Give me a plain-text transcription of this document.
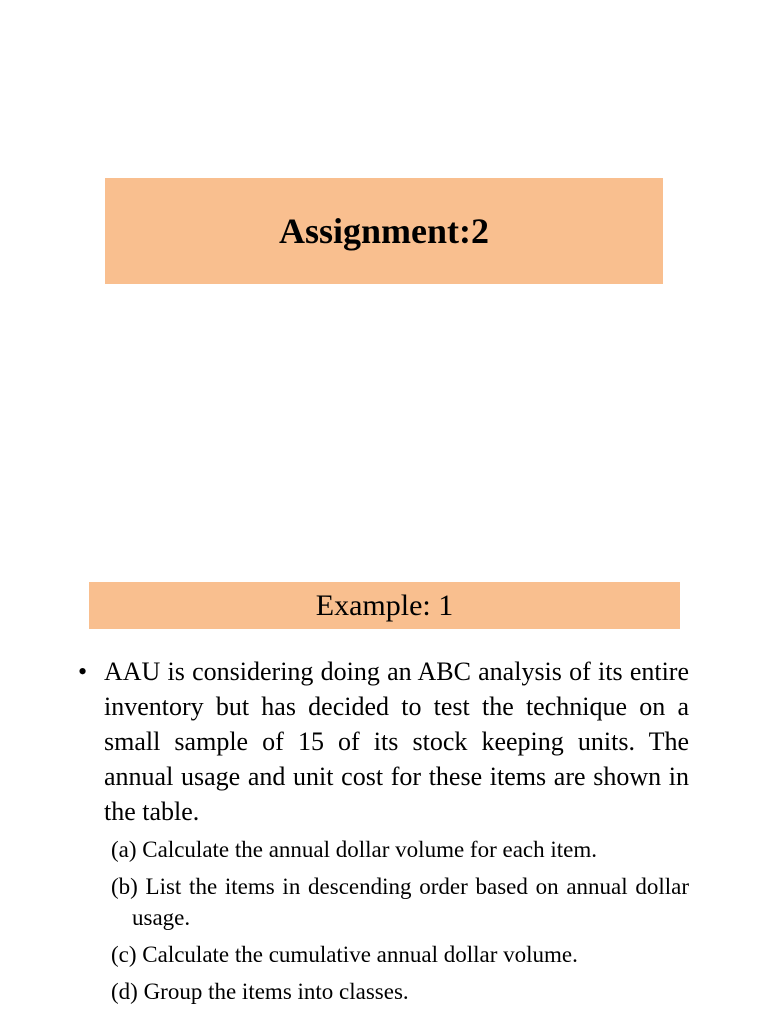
Assignment:2
Example: 1
• AAU is considering doing an ABC analysis of its entire inventory but has decided to test the technique on a small sample of 15 of its stock keeping units. The annual usage and unit cost for these items are shown in the table.
(a) Calculate the annual dollar volume for each item.
(b) List the items in descending order based on annual dollar usage.
(c) Calculate the cumulative annual dollar volume.
(d) Group the items into classes.
